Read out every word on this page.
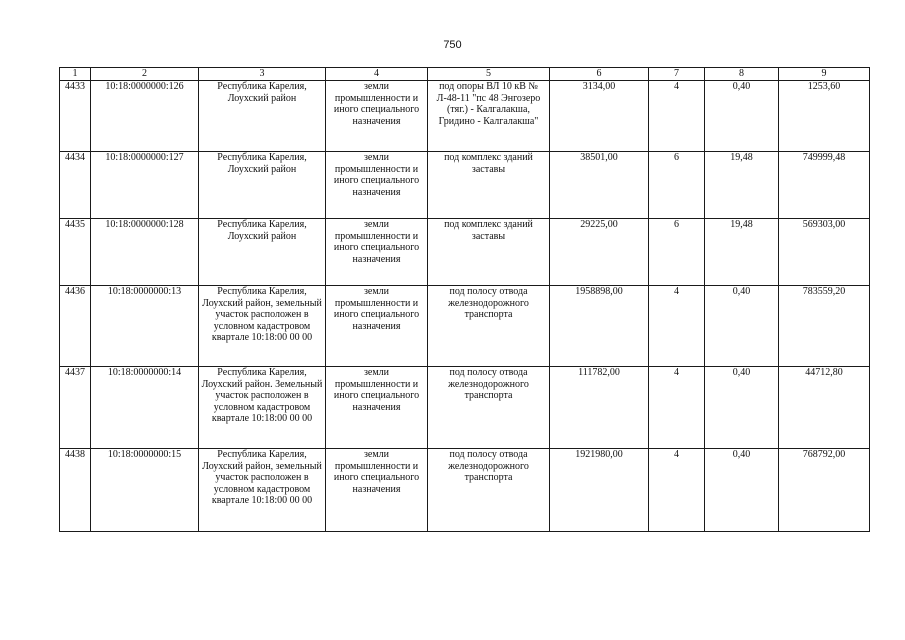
750
1	2	3	4	5	6	7	8	9
4433	10:18:0000000:126	Республика Карелия, Лоухский район	земли промышленности и иного специального назначения	под опоры ВЛ 10 кВ № Л-48-11 "пс 48 Энгозеро (тяг.) - Калгалакша, Гридино - Калгалакша"	3134,00	4	0,40	1253,60
4434	10:18:0000000:127	Республика Карелия, Лоухский район	земли промышленности и иного специального назначения	под комплекс зданий заставы	38501,00	6	19,48	749999,48
4435	10:18:0000000:128	Республика Карелия, Лоухский район	земли промышленности и иного специального назначения	под комплекс зданий заставы	29225,00	6	19,48	569303,00
4436	10:18:0000000:13	Республика Карелия, Лоухский район, земельный участок расположен в условном кадастровом квартале 10:18:00 00 00	земли промышленности и иного специального назначения	под полосу отвода железнодорожного транспорта	1958898,00	4	0,40	783559,20
4437	10:18:0000000:14	Республика Карелия, Лоухский район. Земельный участок расположен в условном кадастровом квартале 10:18:00 00 00	земли промышленности и иного специального назначения	под полосу отвода железнодорожного транспорта	111782,00	4	0,40	44712,80
4438	10:18:0000000:15	Республика Карелия, Лоухский район, земельный участок расположен в условном кадастровом квартале 10:18:00 00 00	земли промышленности и иного специального назначения	под полосу отвода железнодорожного транспорта	1921980,00	4	0,40	768792,00
